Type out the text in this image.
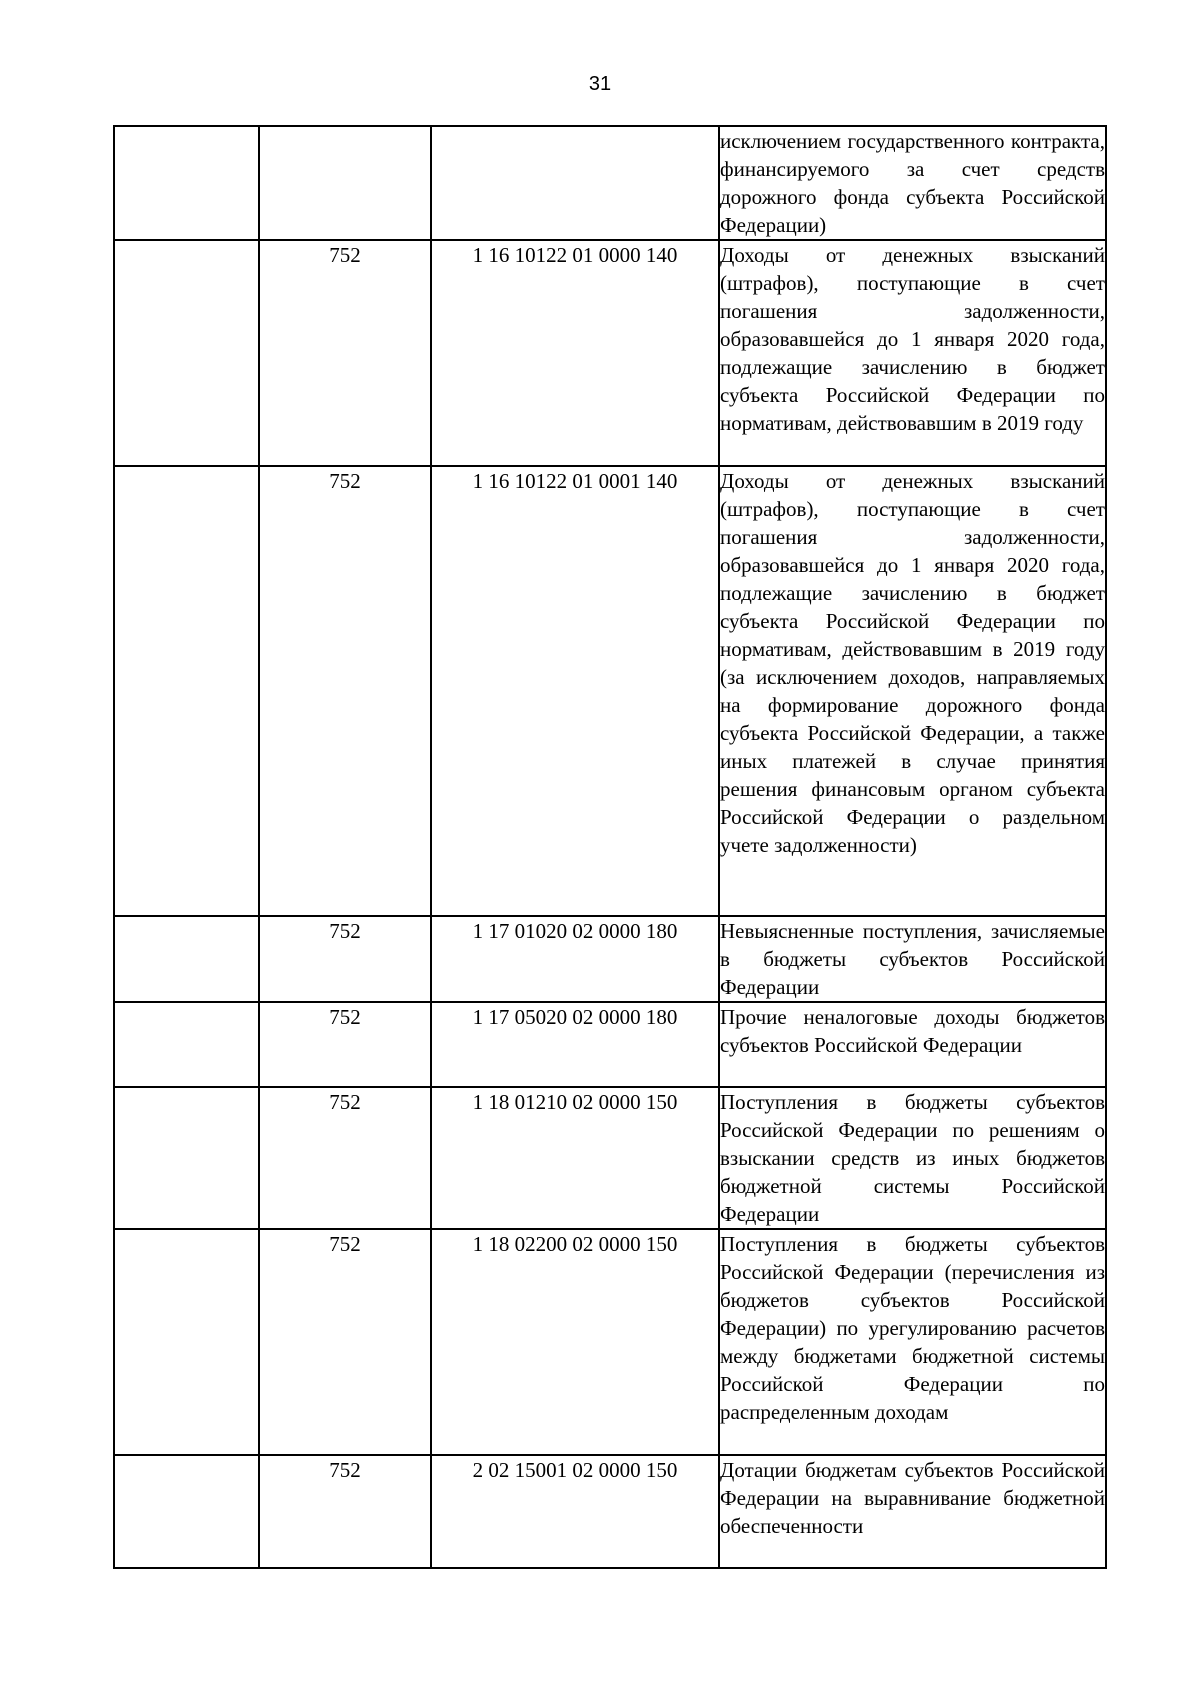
31
			исключением государственного контракта, финансируемого за счет средств дорожного фонда субъекта Российской Федерации)
	752	1 16 10122 01 0000 140	Доходы от денежных взысканий (штрафов), поступающие в счет погашения задолженности, образовавшейся до 1 января 2020 года, подлежащие зачислению в бюджет субъекта Российской Федерации по нормативам, действовавшим в 2019 году
	752	1 16 10122 01 0001 140	Доходы от денежных взысканий (штрафов), поступающие в счет погашения задолженности, образовавшейся до 1 января 2020 года, подлежащие зачислению в бюджет субъекта Российской Федерации по нормативам, действовавшим в 2019 году (за исключением доходов, направляемых на формирование дорожного фонда субъекта Российской Федерации, а также иных платежей в случае принятия решения финансовым органом субъекта Российской Федерации о раздельном учете задолженности)
	752	1 17 01020 02 0000 180	Невыясненные поступления, зачисляемые в бюджеты субъектов Российской Федерации
	752	1 17 05020 02 0000 180	Прочие неналоговые доходы бюджетов субъектов Российской Федерации
	752	1 18 01210 02 0000 150	Поступления в бюджеты субъектов Российской Федерации по решениям о взыскании средств из иных бюджетов бюджетной системы Российской Федерации
	752	1 18 02200 02 0000 150	Поступления в бюджеты субъектов Российской Федерации (перечисления из бюджетов субъектов Российской Федерации) по урегулированию расчетов между бюджетами бюджетной системы Российской Федерации по распределенным доходам
	752	2 02 15001 02 0000 150	Дотации бюджетам субъектов Российской Федерации на выравнивание бюджетной обеспеченности
